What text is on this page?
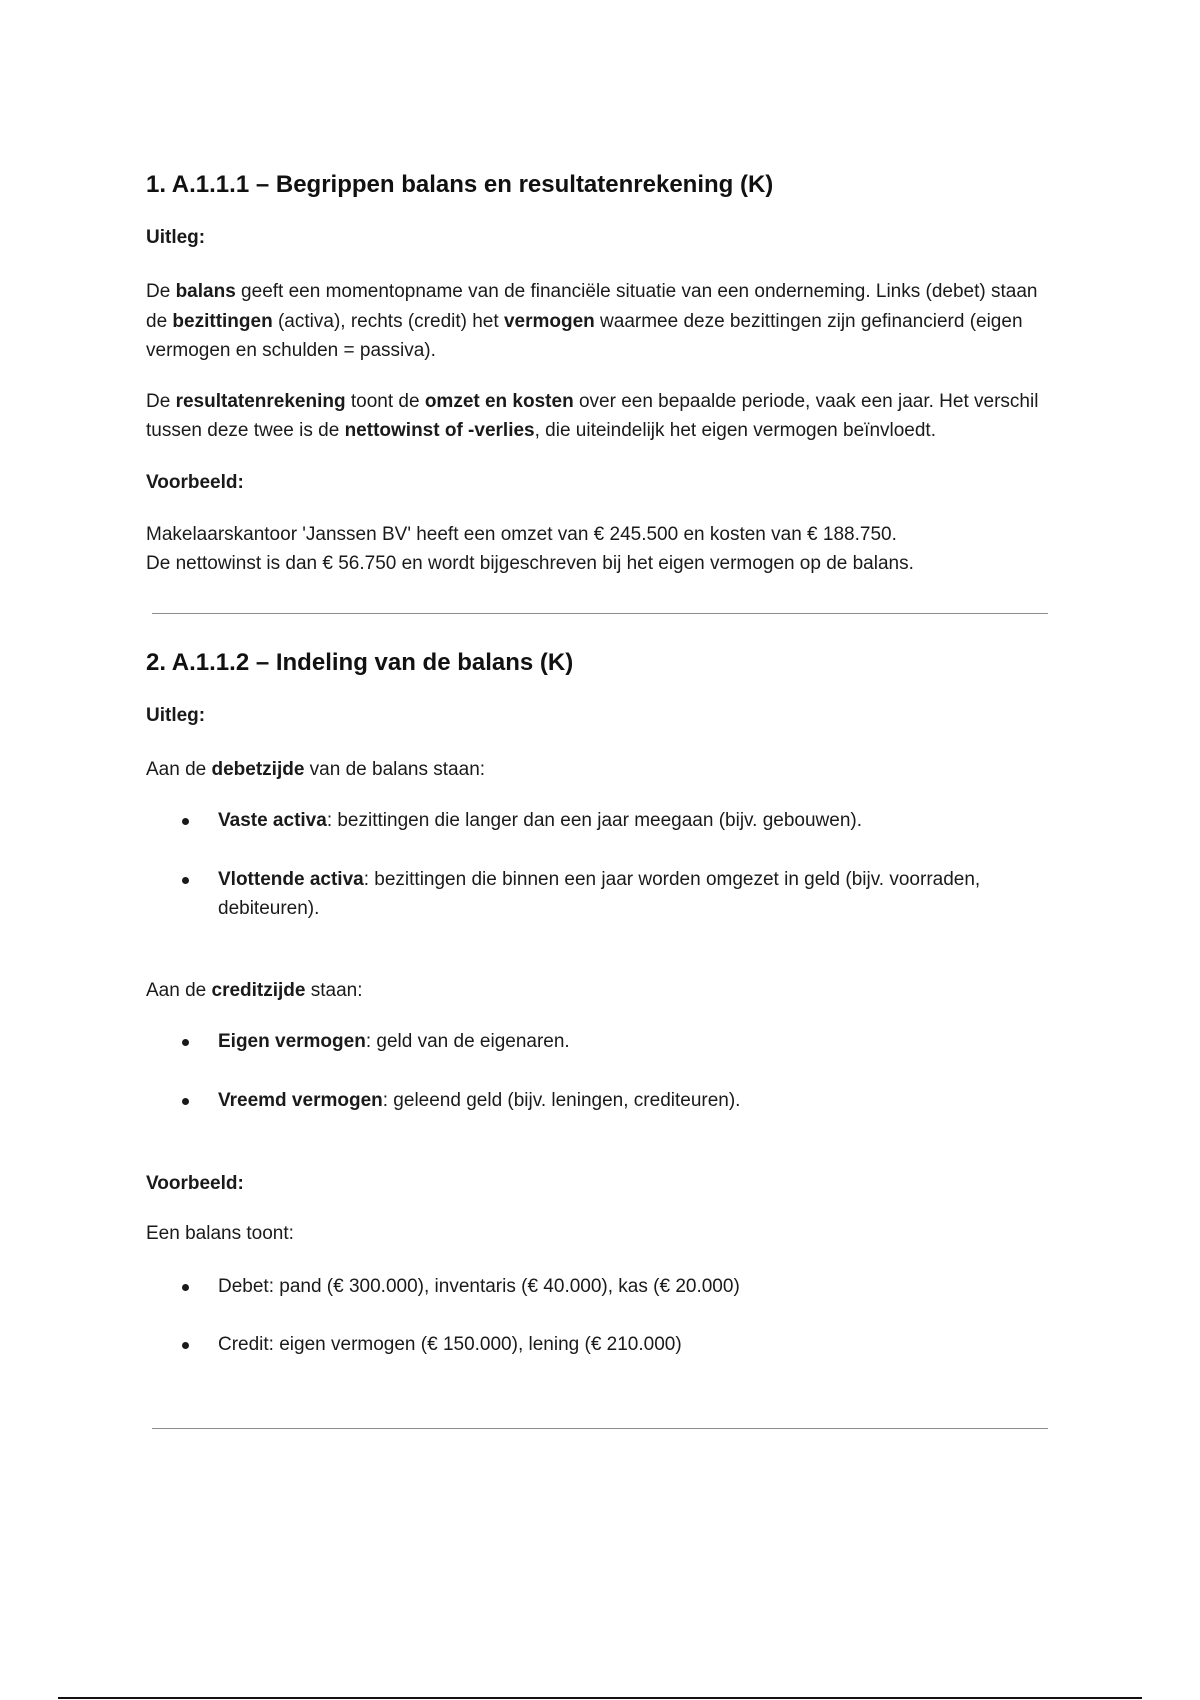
1. A.1.1.1 – Begrippen balans en resultatenrekening (K)
Uitleg:

De balans geeft een momentopname van de financiële situatie van een onderneming. Links (debet) staan de bezittingen (activa), rechts (credit) het vermogen waarmee deze bezittingen zijn gefinancierd (eigen vermogen en schulden = passiva).

De resultatenrekening toont de omzet en kosten over een bepaalde periode, vaak een jaar. Het verschil tussen deze twee is de nettowinst of -verlies, die uiteindelijk het eigen vermogen beïnvloedt.

Voorbeeld:

Makelaarskantoor 'Janssen BV' heeft een omzet van € 245.500 en kosten van € 188.750.

De nettowinst is dan € 56.750 en wordt bijgeschreven bij het eigen vermogen op de balans.

2. A.1.1.2 – Indeling van de balans (K)
Uitleg:

Aan de debetzijde van de balans staan:

Vaste activa: bezittingen die langer dan een jaar meegaan (bijv. gebouwen).
Vlottende activa: bezittingen die binnen een jaar worden omgezet in geld (bijv. voorraden, debiteuren).

Aan de creditzijde staan:

Eigen vermogen: geld van de eigenaren.
Vreemd vermogen: geleend geld (bijv. leningen, crediteuren).
Voorbeeld:

Een balans toont:

Debet: pand (€ 300.000), inventaris (€ 40.000), kas (€ 20.000)
Credit: eigen vermogen (€ 150.000), lening (€ 210.000)
